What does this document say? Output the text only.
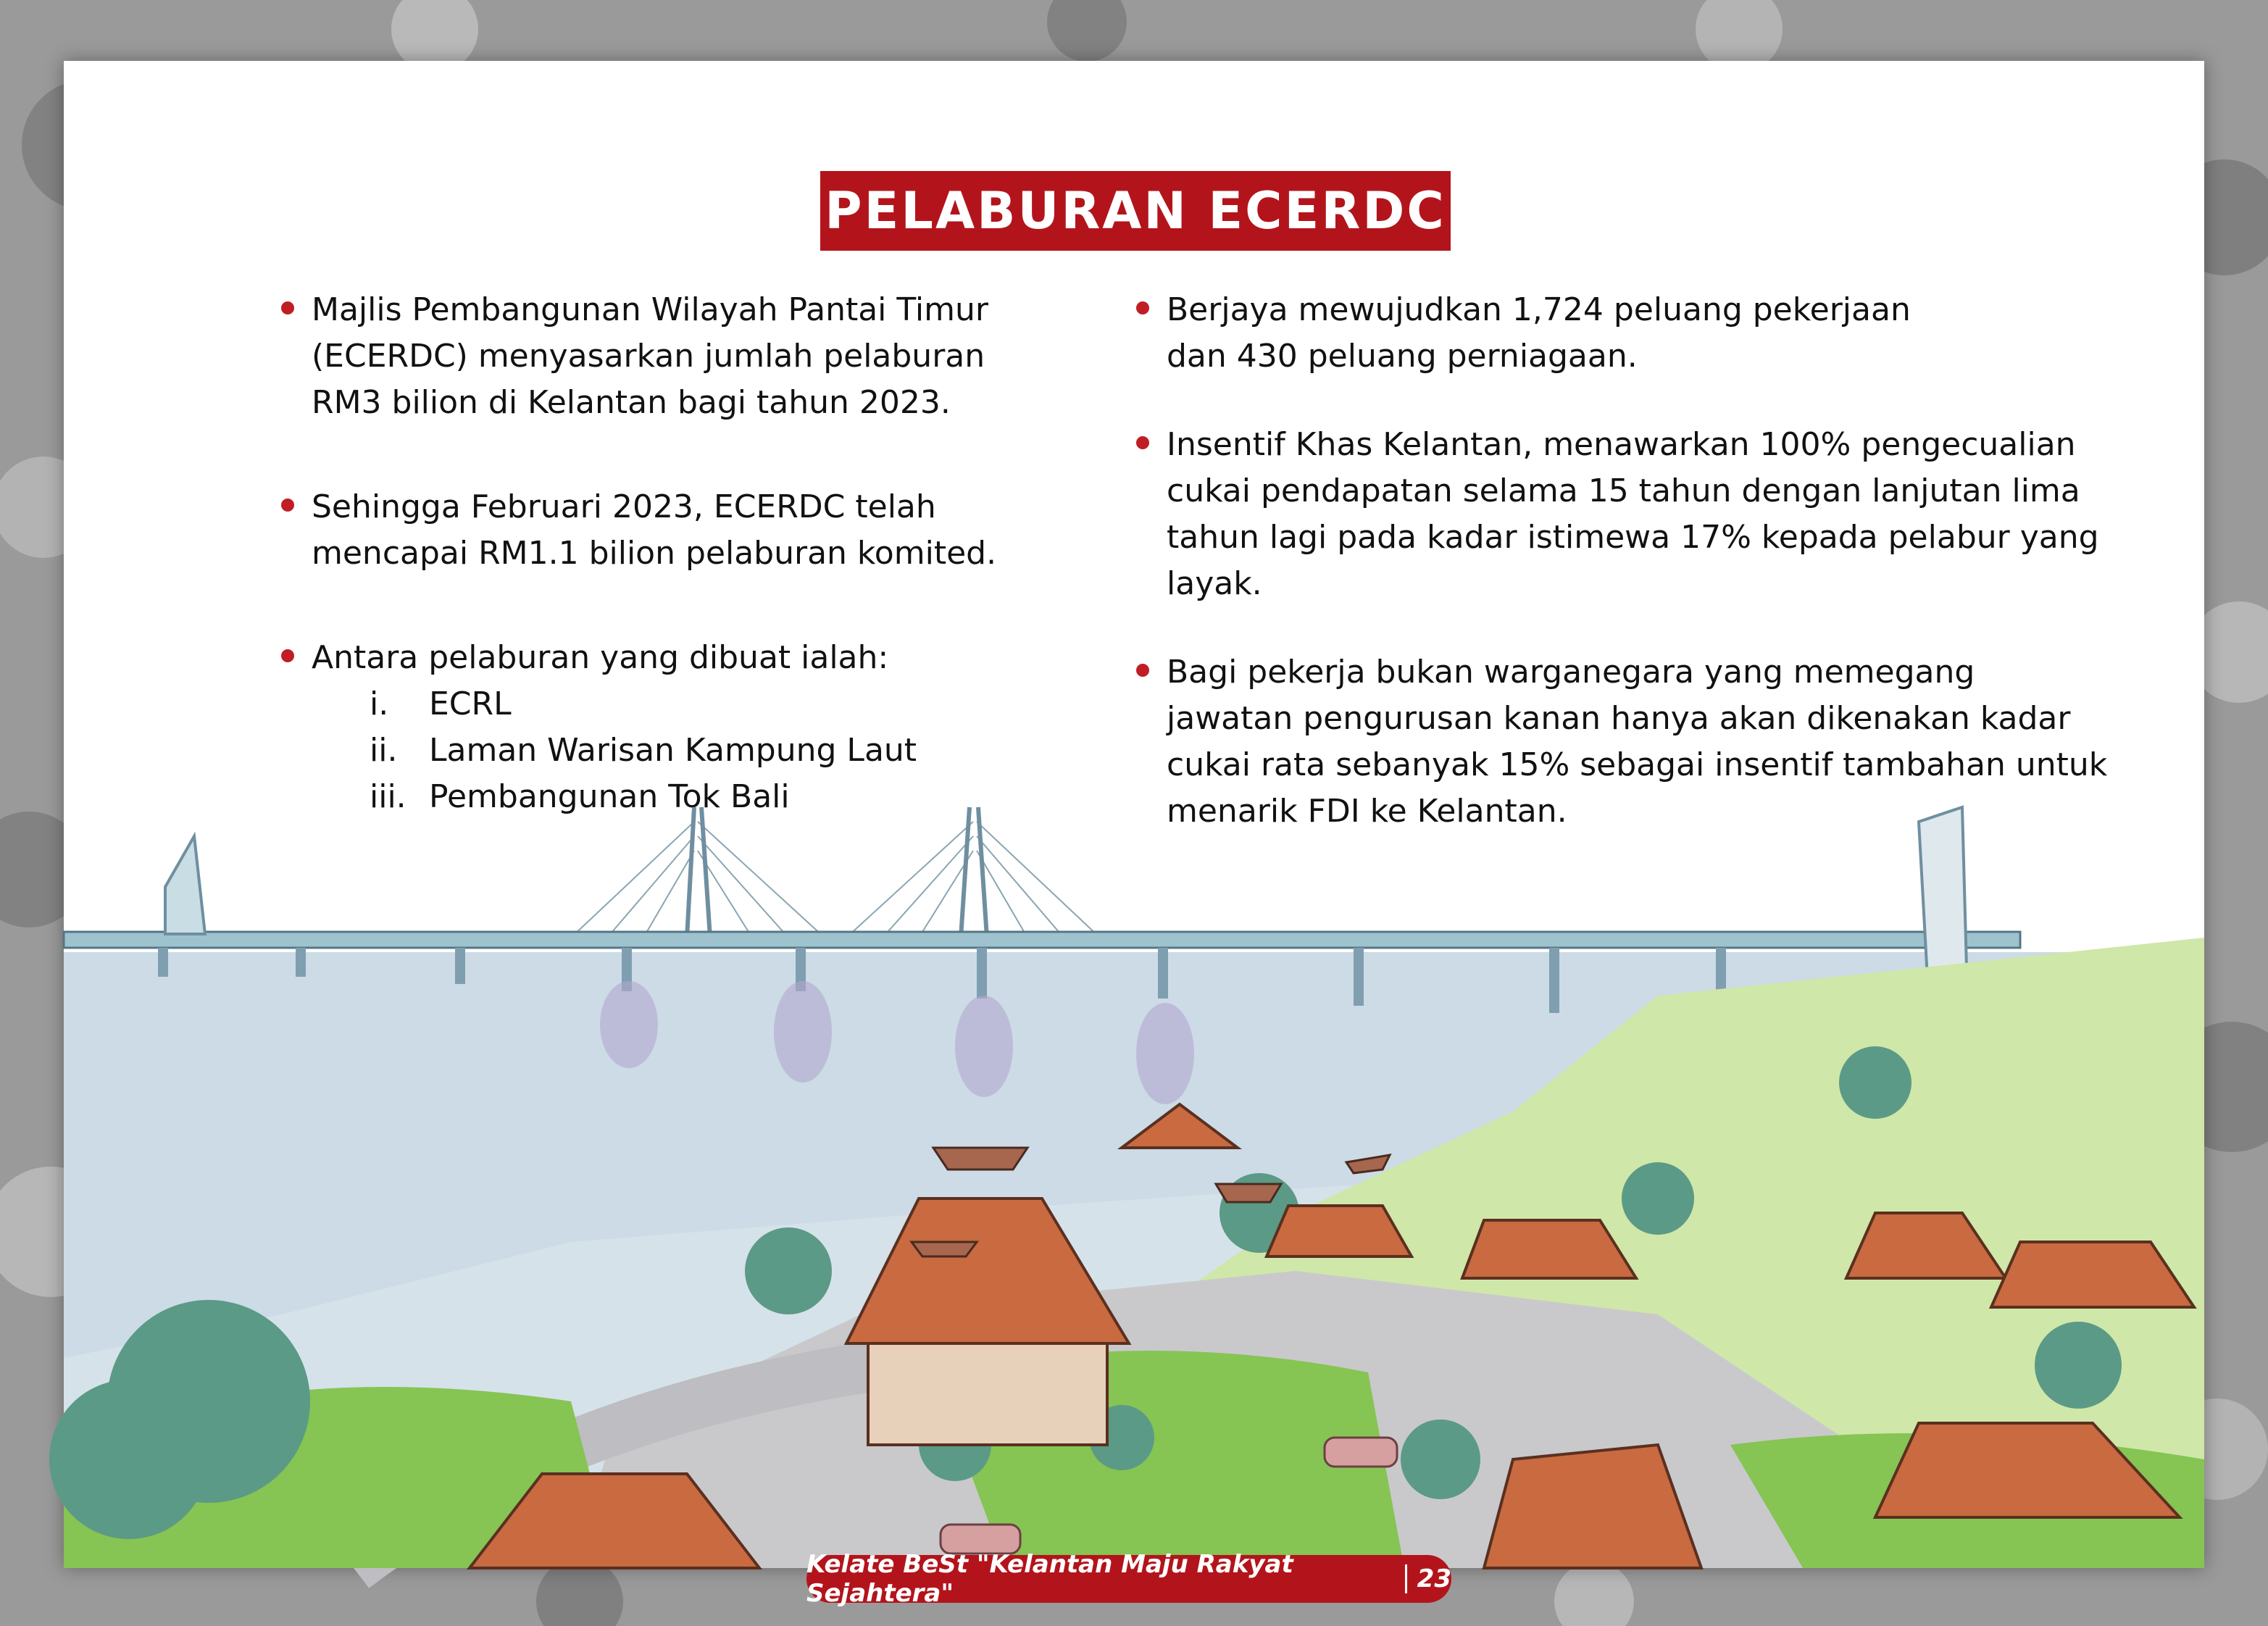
PELABURAN ECERDC
Majlis Pembangunan Wilayah Pantai Timur
(ECERDC) menyasarkan jumlah pelaburan
RM3 bilion di Kelantan bagi tahun 2023.
Sehingga Februari 2023, ECERDC telah
mencapai RM1.1 bilion pelaburan komited.
Antara pelaburan yang dibuat ialah:
i.	ECRL
ii. Laman Warisan Kampung Laut
iii. Pembangunan Tok Bali
Berjaya mewujudkan 1,724 peluang pekerjaan
dan 430 peluang perniagaan.
Insentif Khas Kelantan, menawarkan 100% pengecualian
cukai pendapatan selama 15 tahun dengan lanjutan lima
tahun lagi pada kadar istimewa 17% kepada pelabur yang
layak.
Bagi pekerja bukan warganegara yang memegang
jawatan pengurusan kanan hanya akan dikenakan kadar
cukai rata sebanyak 15% sebagai insentif tambahan untuk
menarik FDI ke Kelantan.
Kelate BeSt "Kelantan Maju Rakyat Sejahtera"	23
